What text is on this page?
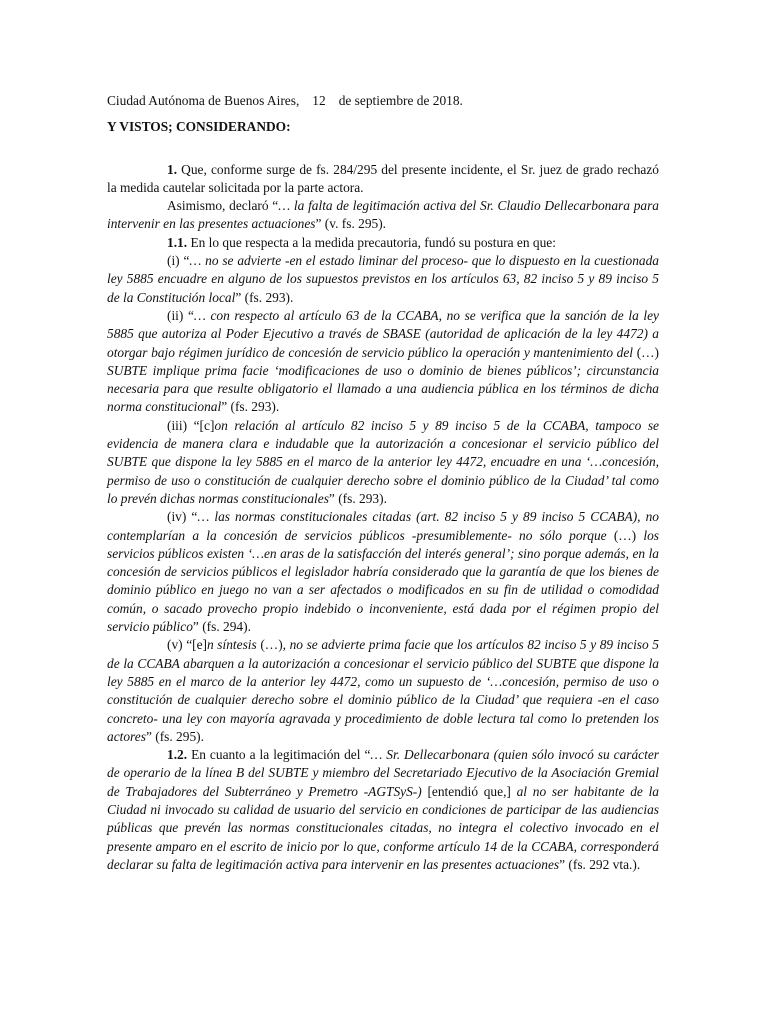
Ciudad Autónoma de Buenos Aires, 12 de septiembre de 2018.

Y VISTOS; CONSIDERANDO:

1. Que, conforme surge de fs. 284/295 del presente incidente, el Sr. juez de grado rechazó la medida cautelar solicitada por la parte actora.

Asimismo, declaró “… la falta de legitimación activa del Sr. Claudio Dellecarbonara para intervenir en las presentes actuaciones” (v. fs. 295).

1.1. En lo que respecta a la medida precautoria, fundó su postura en que:

(i) “… no se advierte -en el estado liminar del proceso- que lo dispuesto en la cuestionada ley 5885 encuadre en alguno de los supuestos previstos en los artículos 63, 82 inciso 5 y 89 inciso 5 de la Constitución local” (fs. 293).

(ii) “… con respecto al artículo 63 de la CCABA, no se verifica que la sanción de la ley 5885 que autoriza al Poder Ejecutivo a través de SBASE (autoridad de aplicación de la ley 4472) a otorgar bajo régimen jurídico de concesión de servicio público la operación y mantenimiento del (…) SUBTE implique prima facie ‘modificaciones de uso o dominio de bienes públicos’; circunstancia necesaria para que resulte obligatorio el llamado a una audiencia pública en los términos de dicha norma constitucional” (fs. 293).

(iii) “[c]on relación al artículo 82 inciso 5 y 89 inciso 5 de la CCABA, tampoco se evidencia de manera clara e indudable que la autorización a concesionar el servicio público del SUBTE que dispone la ley 5885 en el marco de la anterior ley 4472, encuadre en una ‘…concesión, permiso de uso o constitución de cualquier derecho sobre el dominio público de la Ciudad’ tal como lo prevén dichas normas constitucionales” (fs. 293).

(iv) “… las normas constitucionales citadas (art. 82 inciso 5 y 89 inciso 5 CCABA), no contemplarían a la concesión de servicios públicos -presumiblemente- no sólo porque (…) los servicios públicos existen ‘…en aras de la satisfacción del interés general’; sino porque además, en la concesión de servicios públicos el legislador habría considerado que la garantía de que los bienes de dominio público en juego no van a ser afectados o modificados en su fin de utilidad o comodidad común, o sacado provecho propio indebido o inconveniente, está dada por el régimen propio del servicio público” (fs. 294).

(v) “[e]n síntesis (…), no se advierte prima facie que los artículos 82 inciso 5 y 89 inciso 5 de la CCABA abarquen a la autorización a concesionar el servicio público del SUBTE que dispone la ley 5885 en el marco de la anterior ley 4472, como un supuesto de ‘…concesión, permiso de uso o constitución de cualquier derecho sobre el dominio público de la Ciudad’ que requiera -en el caso concreto- una ley con mayoría agravada y procedimiento de doble lectura tal como lo pretenden los actores” (fs. 295).

1.2. En cuanto a la legitimación del “… Sr. Dellecarbonara (quien sólo invocó su carácter de operario de la línea B del SUBTE y miembro del Secretariado Ejecutivo de la Asociación Gremial de Trabajadores del Subterráneo y Premetro -AGTSyS-) [entendió que,] al no ser habitante de la Ciudad ni invocado su calidad de usuario del servicio en condiciones de participar de las audiencias públicas que prevén las normas constitucionales citadas, no integra el colectivo invocado en el presente amparo en el escrito de inicio por lo que, conforme artículo 14 de la CCABA, corresponderá declarar su falta de legitimación activa para intervenir en las presentes actuaciones” (fs. 292 vta.).
